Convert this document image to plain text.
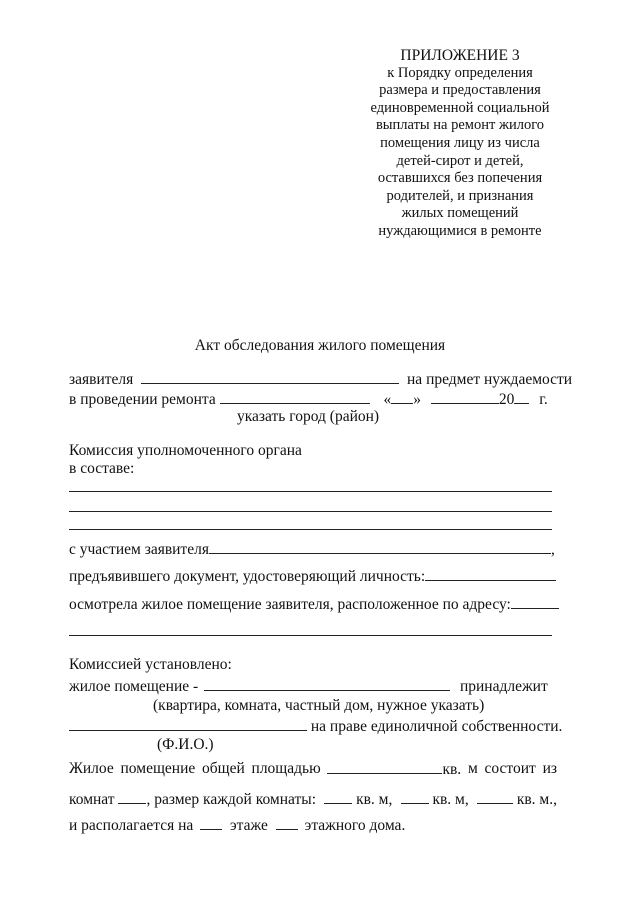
ПРИЛОЖЕНИЕ 3
к Порядку определения
размера и предоставления
единовременной социальной
выплаты на ремонт жилого
помещения лицу из числа
детей-сирот и детей,
оставшихся без попечения
родителей, и признания
жилых помещений
нуждающимися в ремонте
Акт обследования жилого помещения
заявителя	на предмет нуждаемости
в проведении ремонта	« »	20 г.
указать город (район)
Комиссия уполномоченного органа
в составе:
с участием заявителя	,
предъявившего документ, удостоверяющий личность:
осмотрела жилое помещение заявителя, расположенное по адресу:
Комиссией установлено:
жилое помещение -	принадлежит
(квартира, комната, частный дом, нужное указать)
на праве единоличной собственности.
(Ф.И.О.)
Жилое помещение общей площадью	кв. м состоит из
комнат , размер каждой комнаты:	кв. м,	кв. м,	кв. м.,
и располагается на этаже этажного дома.
